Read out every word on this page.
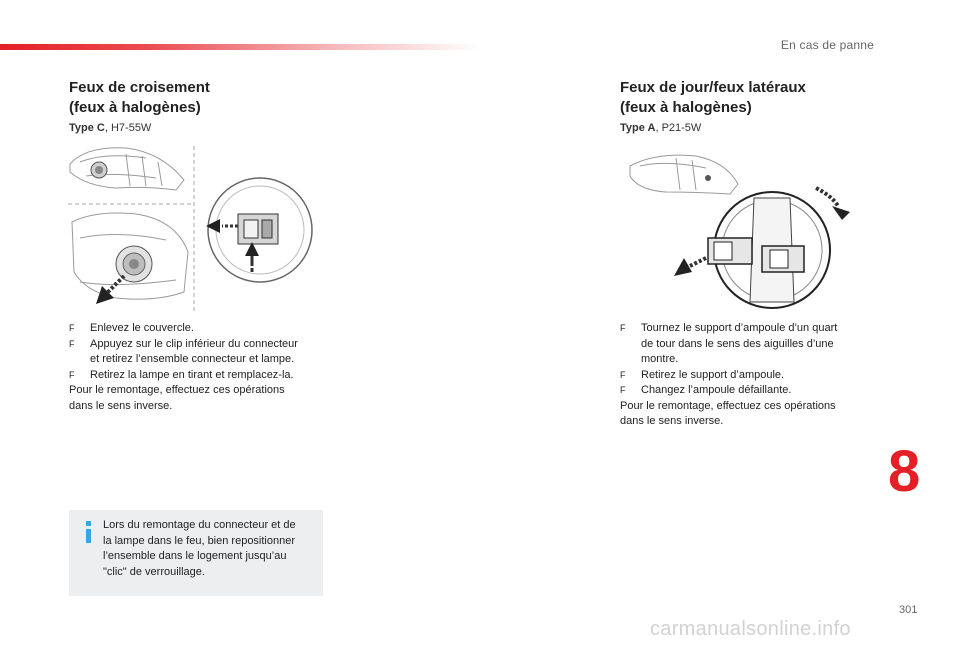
En cas de panne
Feux de croisement
(feux à halogènes)
Type C, H7-55W
F	Enlevez le couvercle.
F	Appuyez sur le clip inférieur du connecteur
et retirez l’ensemble connecteur et lampe.
F	Retirez la lampe en tirant et remplacez-la.
Pour le remontage, effectuez ces opérations
dans le sens inverse.
Lors du remontage du connecteur et de
la lampe dans le feu, bien repositionner
l’ensemble dans le logement jusqu’au
"clic" de verrouillage.
Feux de jour/feux latéraux
(feux à halogènes)
Type A, P21-5W
F	Tournez le support d’ampoule d’un quart
de tour dans le sens des aiguilles d’une
montre.
F	Retirez le support d’ampoule.
F	Changez l’ampoule défaillante.
Pour le remontage, effectuez ces opérations
dans le sens inverse.
8
301
carmanualsonline.info
